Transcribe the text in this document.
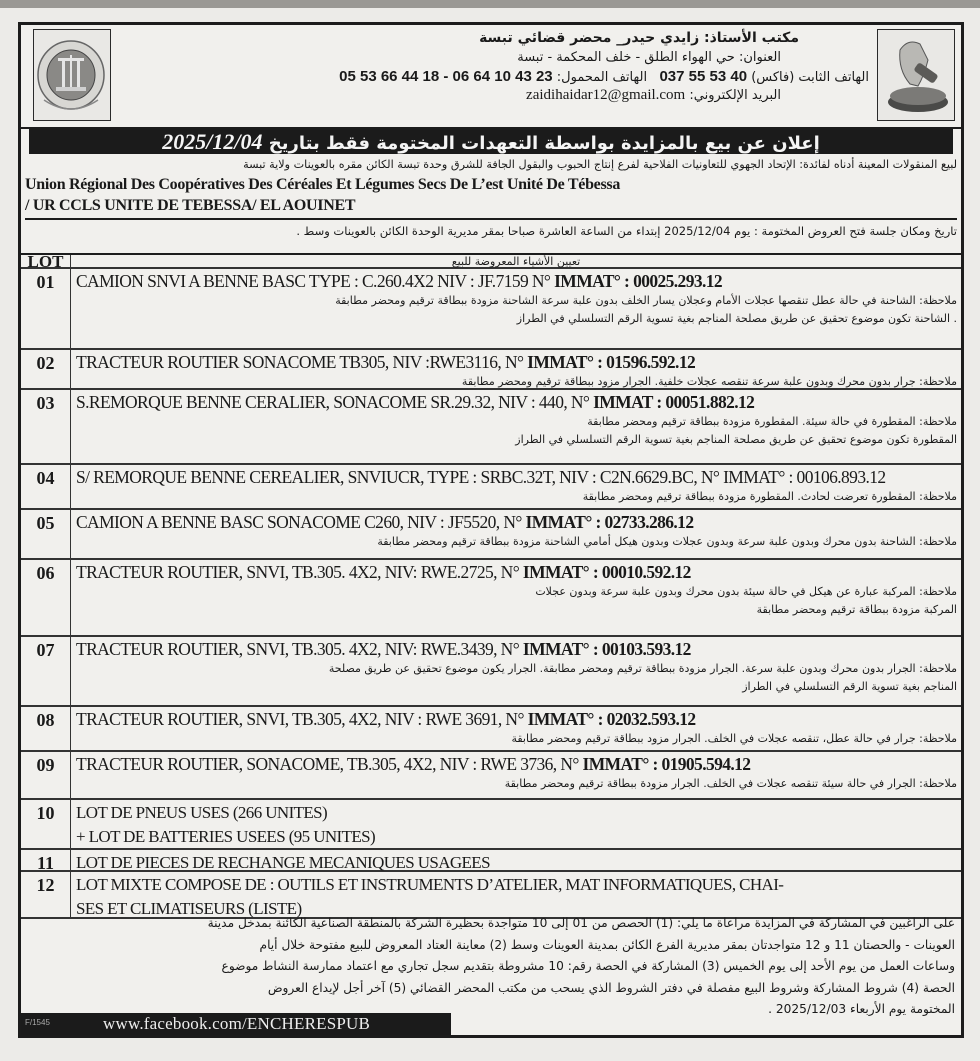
مكتب الأستاذ: زايدي حيدر_ محضر قضائي تبسة
العنوان: حي الهواء الطلق - خلف المحكمة - تبسة
الهاتف الثابت (فاكس) 037 55 53 40   الهاتف المحمول: 05 53 66 44 18 - 06 64 10 43 23
البريد الإلكتروني: zaidihaidar12@gmail.com
إعلان عن بيع بالمزايدة بواسطة التعهدات المختومة فقط بتاريخ 2025/12/04
لبيع المنقولات المعينة أدناه لفائدة: الإتحاد الجهوي للتعاونيات الفلاحية لفرع إنتاج الحبوب والبقول الجافة للشرق وحدة تبسة الكائن مقره بالعوينات ولاية تبسة
Union Régional Des Coopératives Des Céréales Et Légumes Secs De L’est Unité De Tébessa
/ UR CCLS UNITE DE TEBESSA/ EL AOUINET
تاريخ ومكان جلسة فتح العروض المختومة : يوم 2025/12/04 إبتداء من الساعة العاشرة صباحا بمقر مديرية الوحدة الكائن بالعوينات وسط .
LOT	تعيين الأشياء المعروضة للبيع
01	CAMION SNVI A BENNE BASC TYPE : C.260.4X2 NIV : JF.7159 N° IMMAT° : 00025.293.12
ملاحظة: الشاحنة في حالة عطل تنقصها عجلات الأمام وعجلان يسار الخلف بدون علبة سرعة الشاحنة مزودة ببطاقة ترقيم ومحضر مطابقة
. الشاحنة تكون موضوع تحقيق عن طريق مصلحة المناجم بغية تسوية الرقم التسلسلي في الطراز
02	TRACTEUR ROUTIER SONACOME TB305, NIV :RWE3116, N° IMMAT° : 01596.592.12
ملاحظة: جرار بدون محرك وبدون علبة سرعة تنقصه عجلات خلفية. الجرار مزود ببطاقة ترقيم ومحضر مطابقة
03	S.REMORQUE BENNE CERALIER, SONACOME SR.29.32, NIV : 440, N° IMMAT : 00051.882.12
ملاحظة: المقطورة في حالة سيئة. المقطورة مزودة ببطاقة ترقيم ومحضر مطابقة
المقطورة تكون موضوع تحقيق عن طريق مصلحة المناجم بغية تسوية الرقم التسلسلي في الطراز
04	S/ REMORQUE BENNE CEREALIER, SNVIUCR, TYPE : SRBC.32T, NIV : C2N.6629.BC, N° IMMAT° : 00106.893.12
ملاحظة: المقطورة تعرضت لحادث. المقطورة مزودة ببطاقة ترقيم ومحضر مطابقة
05	CAMION A BENNE BASC SONACOME C260, NIV : JF5520, N° IMMAT° : 02733.286.12
ملاحظة: الشاحنة بدون محرك وبدون علبة سرعة وبدون عجلات وبدون هيكل أمامي الشاحنة مزودة ببطاقة ترقيم ومحضر مطابقة
06	TRACTEUR ROUTIER, SNVI, TB.305. 4X2, NIV: RWE.2725, N° IMMAT° : 00010.592.12
ملاحظة: المركبة عبارة عن هيكل في حالة سيئة بدون محرك وبدون علبة سرعة وبدون عجلات
المركبة مزودة ببطاقة ترقيم ومحضر مطابقة
07	TRACTEUR ROUTIER, SNVI, TB.305. 4X2, NIV: RWE.3439, N° IMMAT° : 00103.593.12
ملاحظة: الجرار بدون محرك وبدون علبة سرعة. الجرار مزودة ببطاقة ترقيم ومحضر مطابقة. الجرار يكون موضوع تحقيق عن طريق مصلحة
المناجم بغية تسوية الرقم التسلسلي في الطراز
08	TRACTEUR ROUTIER, SNVI, TB.305, 4X2, NIV : RWE 3691, N° IMMAT° : 02032.593.12
ملاحظة: جرار في حالة عطل، تنقصه عجلات في الخلف. الجرار مزود ببطاقة ترقيم ومحضر مطابقة
09	TRACTEUR ROUTIER, SONACOME, TB.305, 4X2, NIV : RWE 3736, N° IMMAT° : 01905.594.12
ملاحظة: الجرار في حالة سيئة تنقصه عجلات في الخلف. الجرار مزودة ببطاقة ترقيم ومحضر مطابقة
10	LOT DE PNEUS USES (266 UNITES)
+ LOT DE BATTERIES USEES (95 UNITES)
11	LOT DE PIECES DE RECHANGE MECANIQUES USAGEES
12	LOT MIXTE COMPOSE DE : OUTILS ET INSTRUMENTS D’ATELIER, MAT INFORMATIQUES, CHAI-
SES ET CLIMATISEURS (LISTE)
على الراغبين في المشاركة في المزايدة مراعاة ما يلي: (1) الحصص من 01 إلى 10 متواجدة بحظيرة الشركة بالمنطقة الصناعية الكائنة بمدخل مدينة
العوينات - والحصتان 11 و 12 متواجدتان بمقر مديرية الفرع الكائن بمدينة العوينات وسط (2) معاينة العتاد المعروض للبيع مفتوحة خلال أيام
وساعات العمل من يوم الأحد إلى يوم الخميس (3) المشاركة في الحصة رقم: 10 مشروطة بتقديم سجل تجاري مع اعتماد ممارسة النشاط موضوع
الحصة (4) شروط المشاركة وشروط البيع مفصلة في دفتر الشروط الذي يسحب من مكتب المحضر القضائي (5) آخر أجل لإيداع العروض
المختومة يوم الأربعاء 2025/12/03 .
F/1545	www.facebook.com/ENCHERESPUB
